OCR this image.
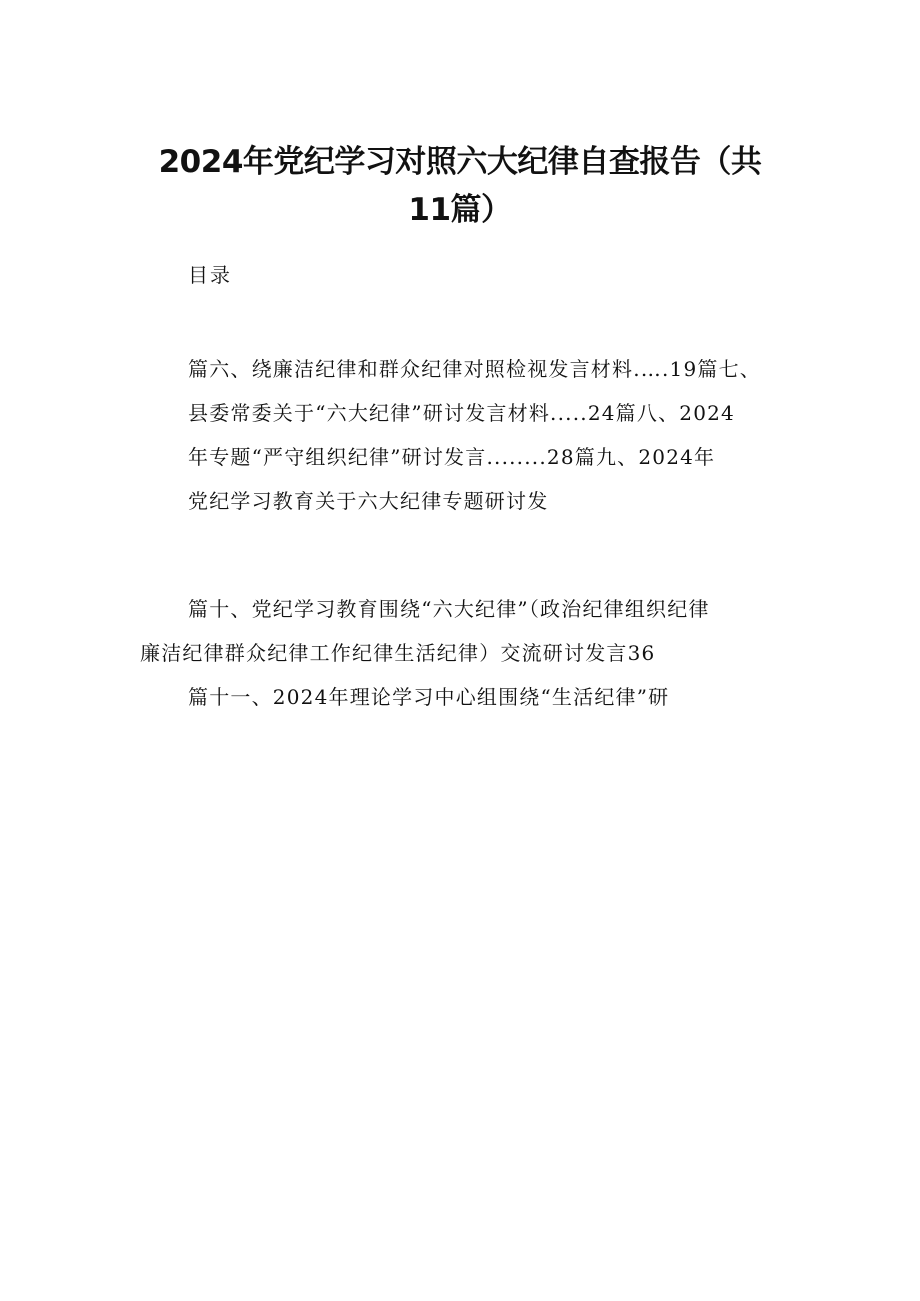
2024年党纪学习对照六大纪律自查报告（共
11篇）
目录
篇六、绕廉洁纪律和群众纪律对照检视发言材料.….19篇七、
县委常委关于“六大纪律”研讨发言材料.....24篇八、2024
年专题“严守组织纪律”研讨发言........28篇九、2024年
党纪学习教育关于六大纪律专题研讨发
篇十、党纪学习教育围绕“六大纪律”（政治纪律组织纪律
廉洁纪律群众纪律工作纪律生活纪律）交流研讨发言36
篇十一、2024年理论学习中心组围绕“生活纪律”研
